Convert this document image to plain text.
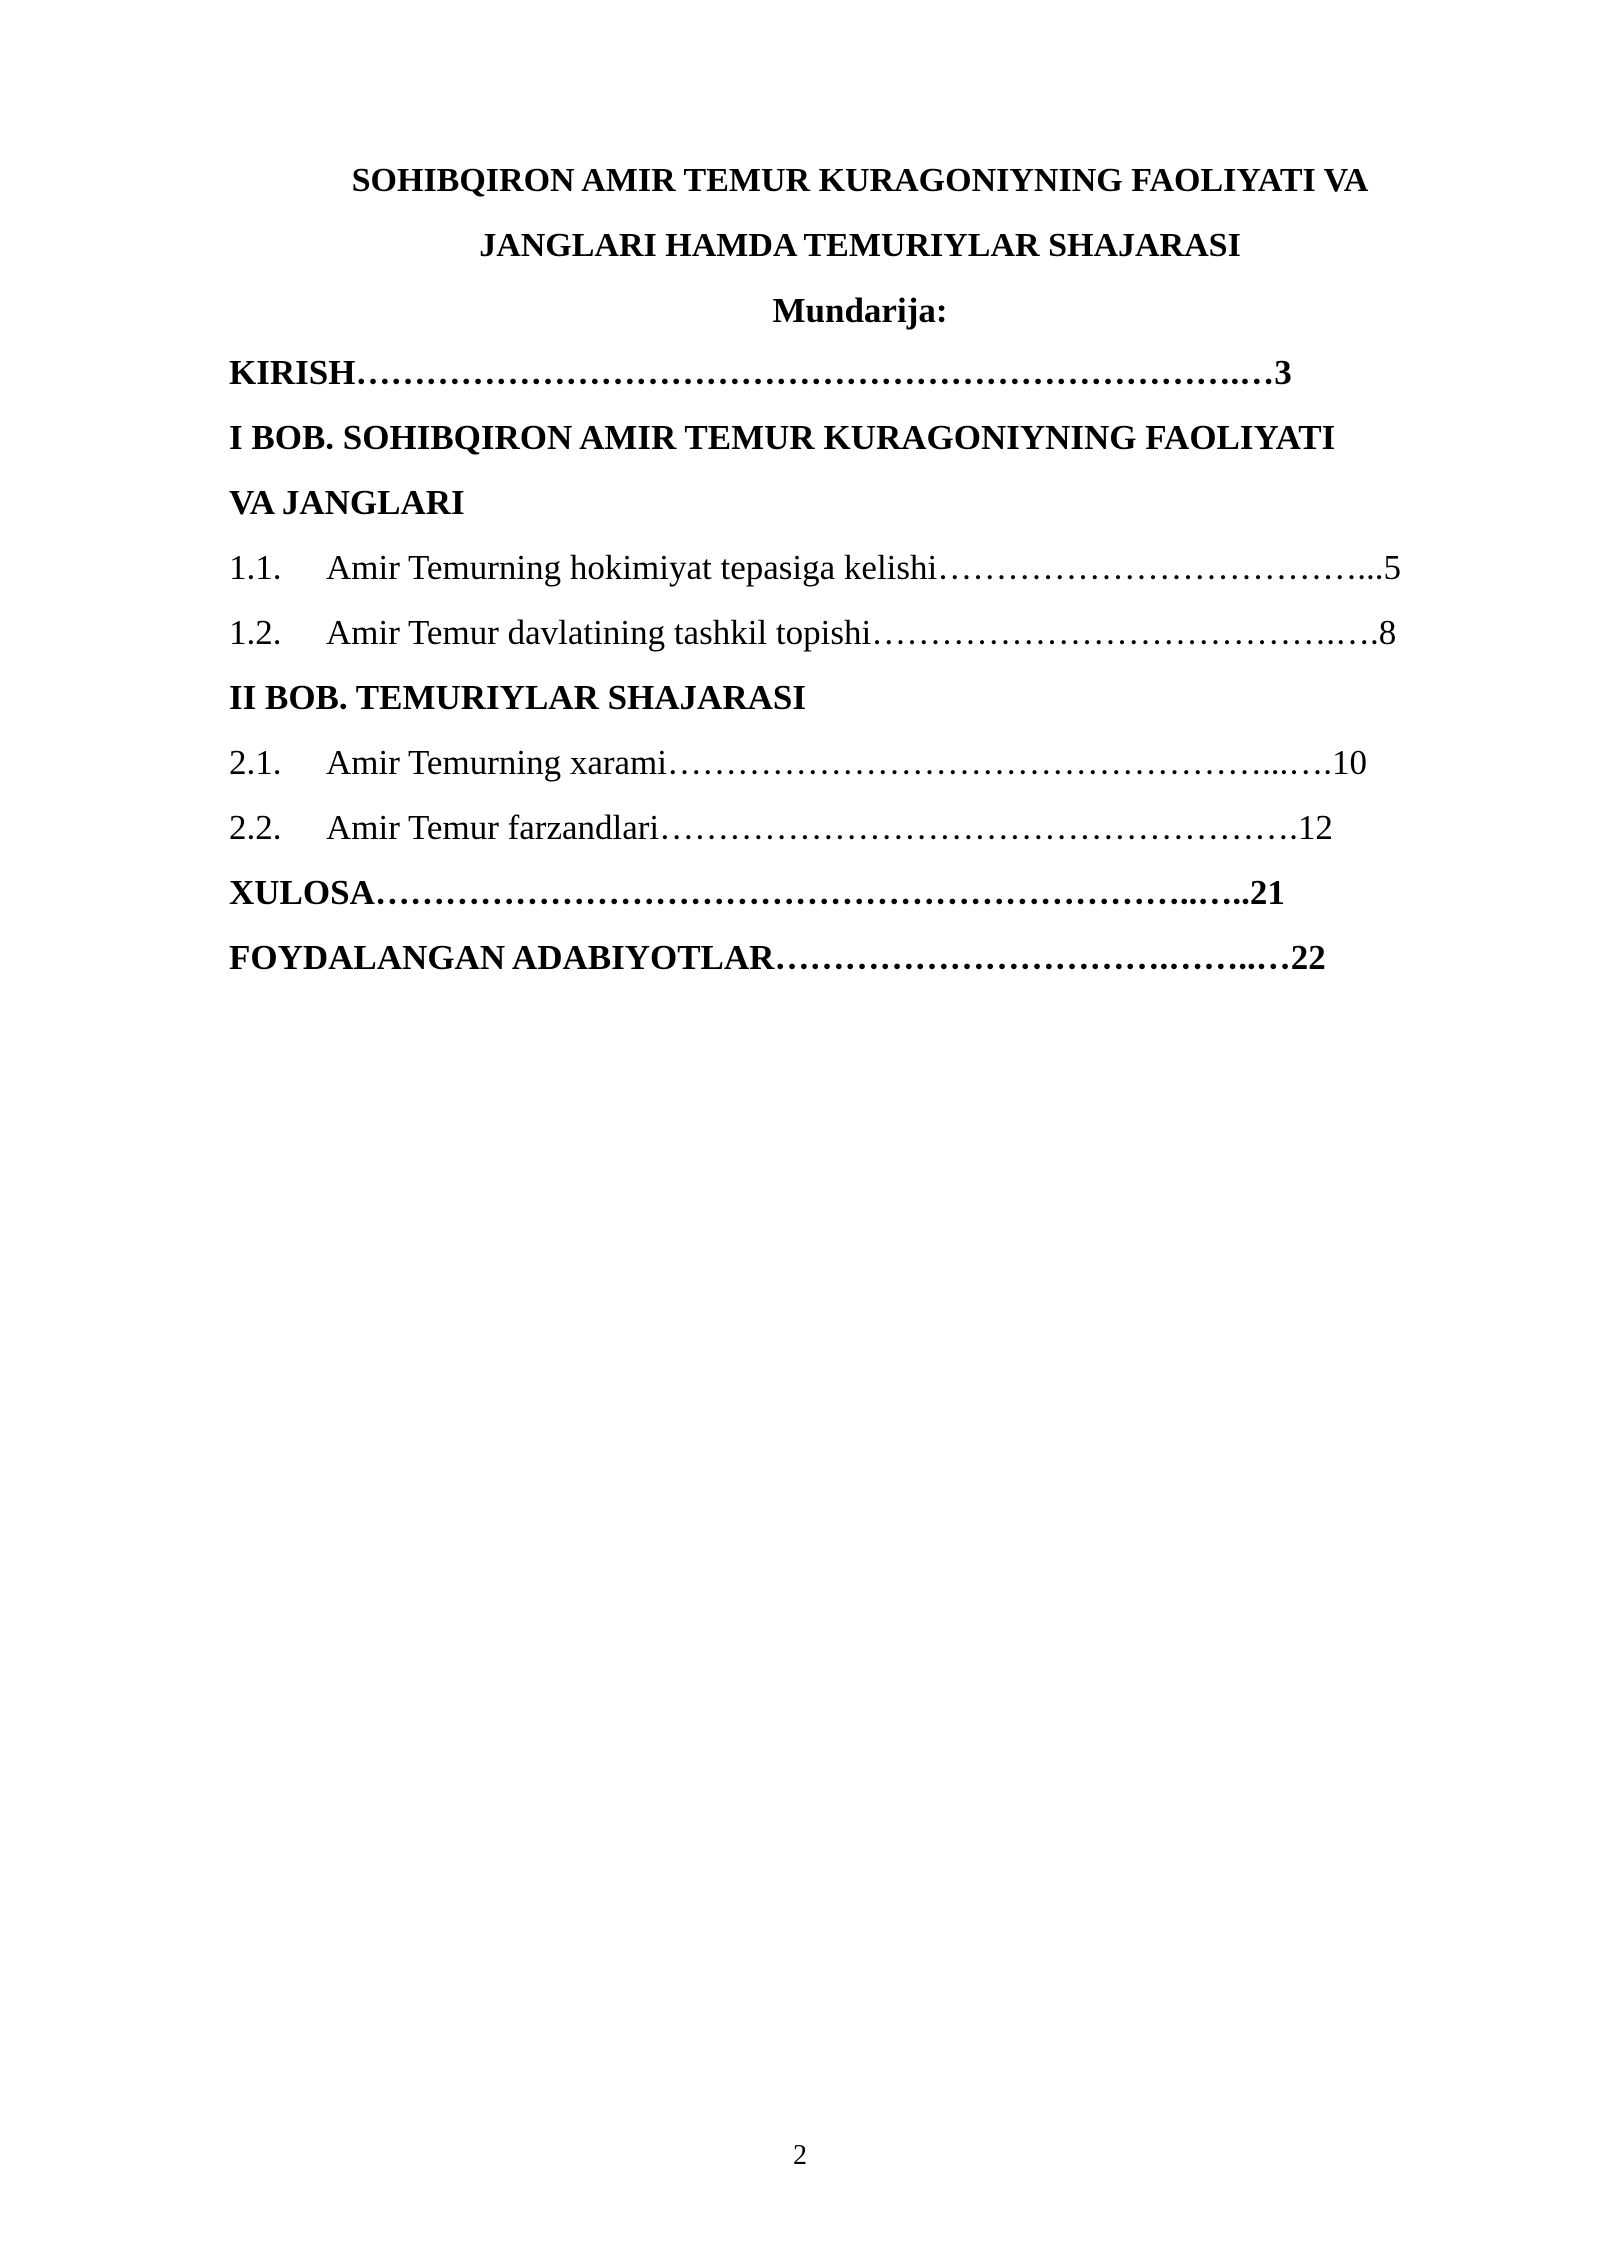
SOHIBQIRON AMIR TEMUR KURAGONIYNING FAOLIYATI VA
JANGLARI HAMDA TEMURIYLAR SHAJARASI
Mundarija:
KIRISH………………………………………………………………….…3
I BOB. SOHIBQIRON AMIR TEMUR KURAGONIYNING FAOLIYATI
VA JANGLARI
1.1. Amir Temurning hokimiyat tepasiga kelishi………………………………...5
1.2. Amir Temur davlatining tashkil topishi………………………………….….8
II BOB. TEMURIYLAR SHAJARASI
2.1. Amir Temurning xarami……………………………………………...….10
2.2. Amir Temur farzandlari……………………………………………….12
XULOSA……………………………………………………………..…..21
FOYDALANGAN ADABIYOTLAR…………………………….……..…22
2
